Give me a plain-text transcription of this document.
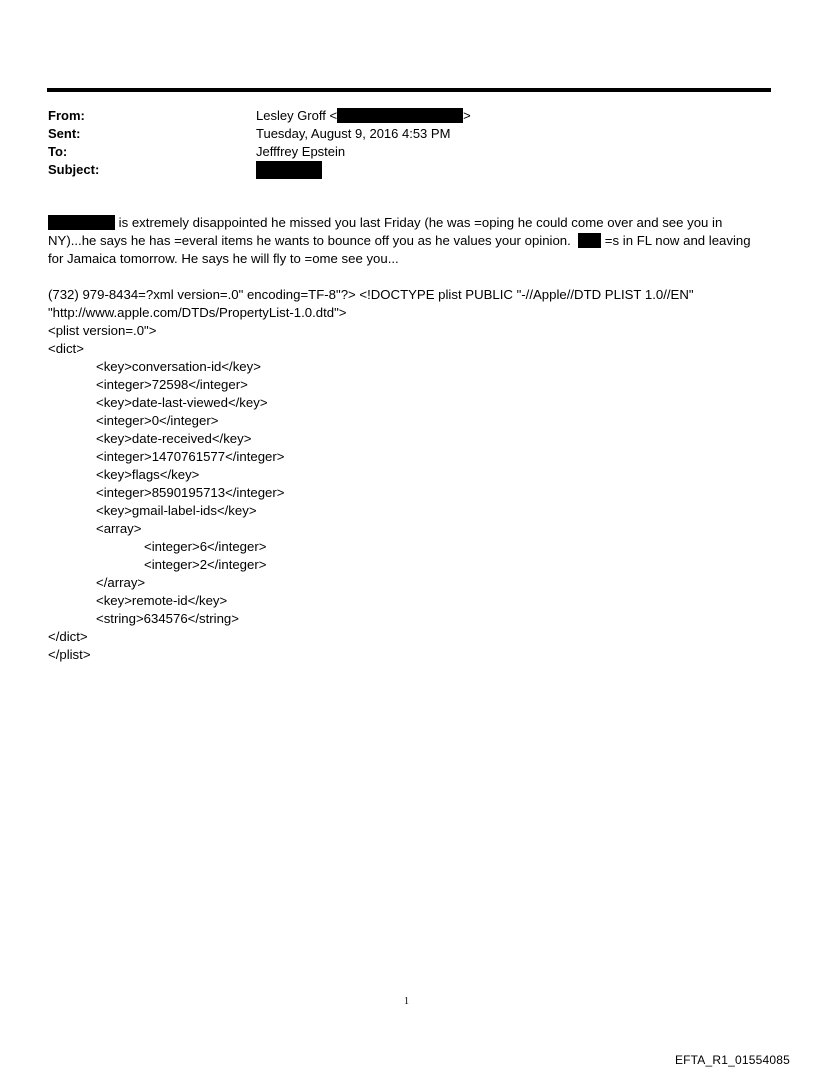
From:	Lesley Groff <	>
Sent:	Tuesday, August 9, 2016 4:53 PM
To:	Jefffrey Epstein
Subject:

is extremely disappointed he missed you last Friday (he was =oping he could come over and see you in

NY)...he says he has =everal items he wants to bounce off you as he values your opinion.   =s in FL now and leaving

for Jamaica tomorrow. He says he will fly to =ome see you...

(732) 979-8434=?xml version=.0" encoding=TF-8"?> <!DOCTYPE plist PUBLIC "-//Apple//DTD PLIST 1.0//EN"
"http://www.apple.com/DTDs/PropertyList-1.0.dtd">
<plist version=.0">
<dict>
<key>conversation-id</key>
<integer>72598</integer>
<key>date-last-viewed</key>
<integer>0</integer>
<key>date-received</key>
<integer>1470761577</integer>
<key>flags</key>
<integer>8590195713</integer>
<key>gmail-label-ids</key>
<array>
<integer>6</integer>
<integer>2</integer>
</array>
<key>remote-id</key>
<string>634576</string>
</dict>
</plist>
1
EFTA_R1_01554085
